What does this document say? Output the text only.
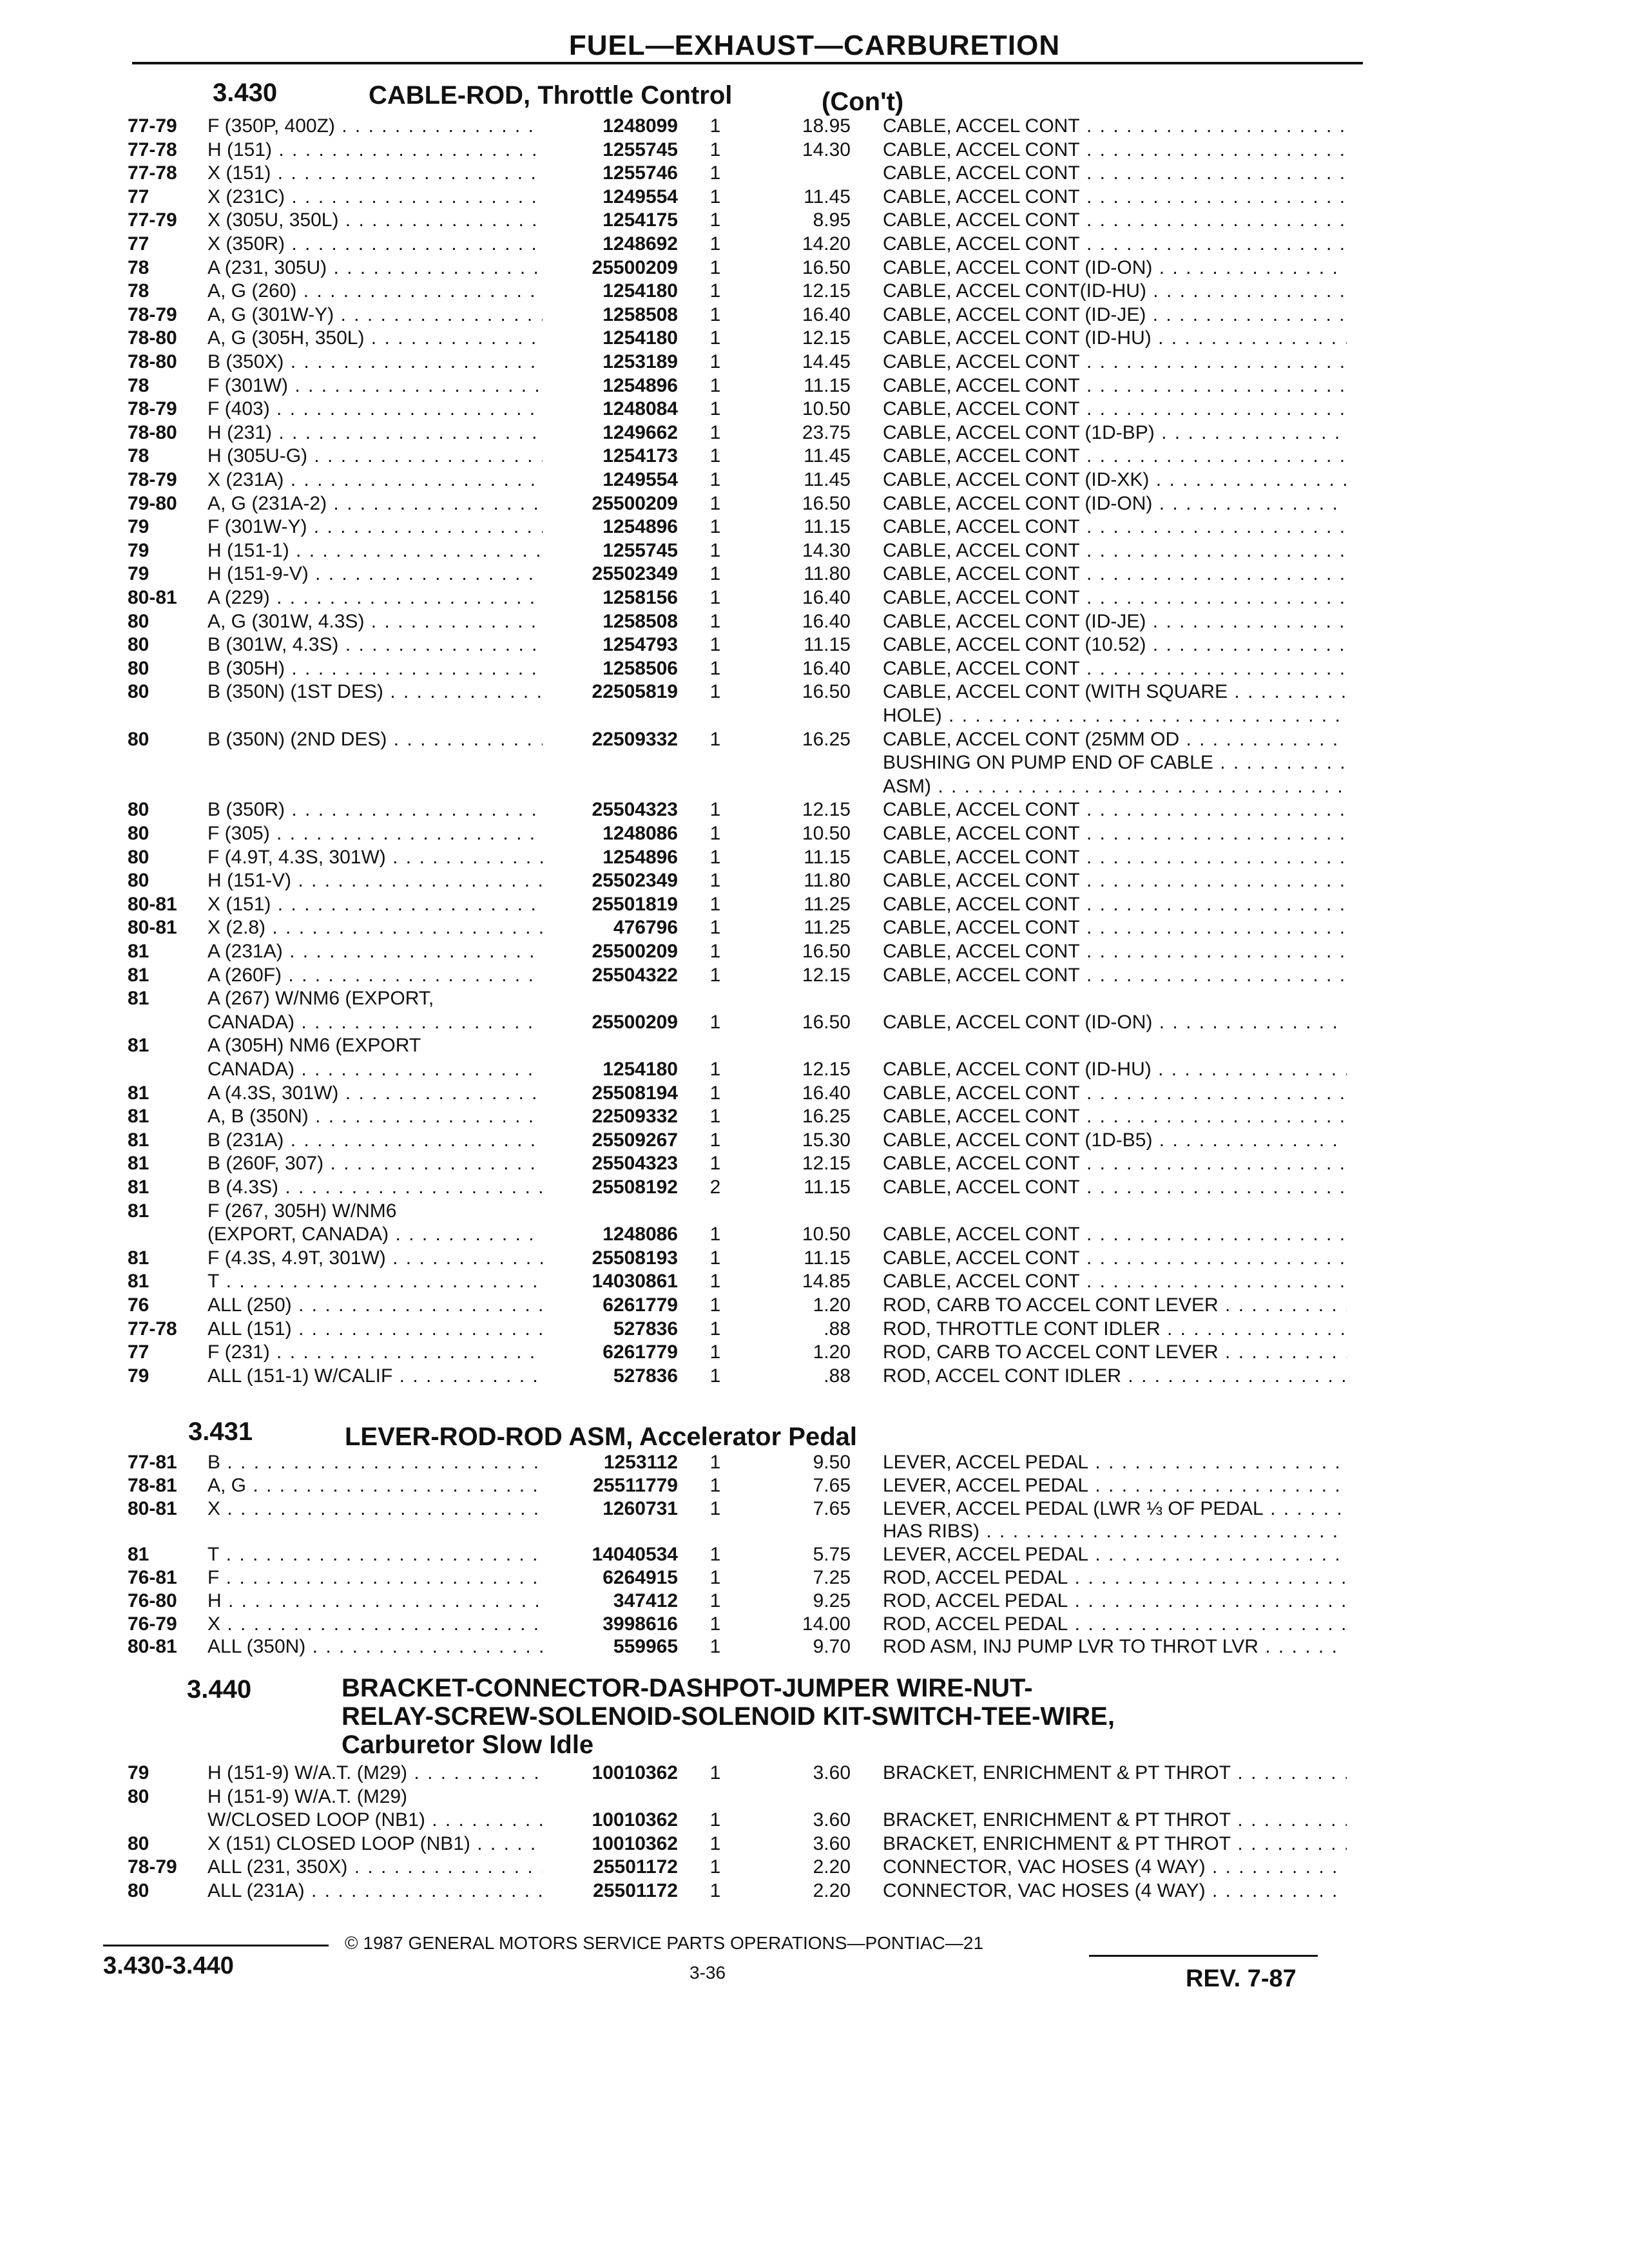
FUEL—EXHAUST—CARBURETION
3.430	CABLE-ROD, Throttle Control	(Con't)
77-79	F (350P, 400Z) . . .	1248099	1	18.95 CABLE, ACCEL CONT . . .
77-78	H (151) . . .	1255745	1	14.30 CABLE, ACCEL CONT . . .
77-78	X (151) . . .	1255746	1	CABLE, ACCEL CONT . . .
77	X (231C) . . .	1249554	1	11.45 CABLE, ACCEL CONT . . .
77-79	X (305U, 350L) . . .	1254175	1	8.95 CABLE, ACCEL CONT . . .
77	X (350R) . . .	1248692	1	14.20 CABLE, ACCEL CONT . . .
78	A (231, 305U) . . .	25500209	1	16.50 CABLE, ACCEL CONT (ID-ON) . . .
78	A, G (260) . . .	1254180	1	12.15 CABLE, ACCEL CONT(ID-HU) . . .
78-79	A, G (301W-Y) . . .	1258508	1	16.40 CABLE, ACCEL CONT (ID-JE) . . .
78-80	A, G (305H, 350L) . . .	1254180	1	12.15 CABLE, ACCEL CONT (ID-HU) . . .
78-80	B (350X) . . .	1253189	1	14.45 CABLE, ACCEL CONT . . .
78	F (301W) . . .	1254896	1	11.15 CABLE, ACCEL CONT . . .
78-79	F (403) . . .	1248084	1	10.50 CABLE, ACCEL CONT . . .
78-80	H (231) . . .	1249662	1	23.75 CABLE, ACCEL CONT (1D-BP) . . .
78	H (305U-G) . . .	1254173	1	11.45 CABLE, ACCEL CONT . . .
78-79	X (231A) . . .	1249554	1	11.45 CABLE, ACCEL CONT (ID-XK) . . .
79-80	A, G (231A-2) . . .	25500209	1	16.50 CABLE, ACCEL CONT (ID-ON) . . .
79	F (301W-Y) . . .	1254896	1	11.15 CABLE, ACCEL CONT . . .
79	H (151-1) . . .	1255745	1	14.30 CABLE, ACCEL CONT . . .
79	H (151-9-V) . . .	25502349	1	11.80 CABLE, ACCEL CONT . . .
80-81	A (229) . . .	1258156	1	16.40 CABLE, ACCEL CONT . . .
80	A, G (301W, 4.3S) . . .	1258508	1	16.40 CABLE, ACCEL CONT (ID-JE) . . .
80	B (301W, 4.3S) . . .	1254793	1	11.15 CABLE, ACCEL CONT (10.52) . . .
80	B (305H) . . .	1258506	1	16.40 CABLE, ACCEL CONT . . .
80	B (350N) (1ST DES) . . .	22505819	1	16.50 CABLE, ACCEL CONT (WITH SQUARE . . .
HOLE) . . .
80	B (350N) (2ND DES) . . .	22509332	1	16.25 CABLE, ACCEL CONT (25MM OD . . .
BUSHING ON PUMP END OF CABLE . . .
ASM) . . .
80	B (350R) . . .	25504323	1	12.15 CABLE, ACCEL CONT . . .
80	F (305) . . .	1248086	1	10.50 CABLE, ACCEL CONT . . .
80	F (4.9T, 4.3S, 301W) . . .	1254896	1	11.15 CABLE, ACCEL CONT . . .
80	H (151-V) . . .	25502349	1	11.80 CABLE, ACCEL CONT . . .
80-81	X (151) . . .	25501819	1	11.25 CABLE, ACCEL CONT . . .
80-81	X (2.8) . . .	476796	1	11.25 CABLE, ACCEL CONT . . .
81	A (231A) . . .	25500209	1	16.50 CABLE, ACCEL CONT . . .
81	A (260F) . . .	25504322	1	12.15 CABLE, ACCEL CONT . . .
81	A (267) W/NM6 (EXPORT,
CANADA) . . .	25500209	1	16.50 CABLE, ACCEL CONT (ID-ON) . . .
81	A (305H) NM6 (EXPORT
CANADA) . . .	1254180	1	12.15 CABLE, ACCEL CONT (ID-HU) . . .
81	A (4.3S, 301W) . . .	25508194	1	16.40 CABLE, ACCEL CONT . . .
81	A, B (350N) . . .	22509332	1	16.25 CABLE, ACCEL CONT . . .
81	B (231A) . . .	25509267	1	15.30 CABLE, ACCEL CONT (1D-B5) . . .
81	B (260F, 307) . . .	25504323	1	12.15 CABLE, ACCEL CONT . . .
81	B (4.3S) . . .	25508192	2	11.15 CABLE, ACCEL CONT . . .
81	F (267, 305H) W/NM6
(EXPORT, CANADA) . . .	1248086	1	10.50 CABLE, ACCEL CONT . . .
81	F (4.3S, 4.9T, 301W) . . .	25508193	1	11.15 CABLE, ACCEL CONT . . .
81	T . . .	14030861	1	14.85 CABLE, ACCEL CONT . . .
76	ALL (250) . . .	6261779	1	1.20 ROD, CARB TO ACCEL CONT LEVER . . .
77-78	ALL (151) . . .	527836	1	.88 ROD, THROTTLE CONT IDLER . . .
77	F (231) . . .	6261779	1	1.20 ROD, CARB TO ACCEL CONT LEVER . . .
79	ALL (151-1) W/CALIF . . .	527836	1	.88 ROD, ACCEL CONT IDLER . . .
3.431	LEVER-ROD-ROD ASM, Accelerator Pedal
77-81	B . . .	1253112	1	9.50 LEVER, ACCEL PEDAL . . .
78-81	A, G . . .	25511779	1	7.65 LEVER, ACCEL PEDAL . . .
80-81	X . . .	1260731	1	7.65 LEVER, ACCEL PEDAL (LWR ⅓ OF PEDAL . . .
HAS RIBS) . . .
81	T . . .	14040534	1	5.75 LEVER, ACCEL PEDAL . . .
76-81	F . . .	6264915	1	7.25 ROD, ACCEL PEDAL . . .
76-80	H . . .	347412	1	9.25 ROD, ACCEL PEDAL . . .
76-79	X . . .	3998616	1	14.00 ROD, ACCEL PEDAL . . .
80-81	ALL (350N) . . .	559965	1	9.70 ROD ASM, INJ PUMP LVR TO THROT LVR . . .
3.440	BRACKET-CONNECTOR-DASHPOT-JUMPER WIRE-NUT-
RELAY-SCREW-SOLENOID-SOLENOID KIT-SWITCH-TEE-WIRE,
Carburetor Slow Idle
79	H (151-9) W/A.T. (M29) . . .	10010362	1	3.60 BRACKET, ENRICHMENT & PT THROT . . .
80	H (151-9) W/A.T. (M29)
W/CLOSED LOOP (NB1) . . .	10010362	1	3.60 BRACKET, ENRICHMENT & PT THROT . . .
80	X (151) CLOSED LOOP (NB1) . . .	10010362	1	3.60 BRACKET, ENRICHMENT & PT THROT . . .
78-79	ALL (231, 350X) . . .	25501172	1	2.20 CONNECTOR, VAC HOSES (4 WAY) . . .
80	ALL (231A) . . .	25501172	1	2.20 CONNECTOR, VAC HOSES (4 WAY) . . .
© 1987 GENERAL MOTORS SERVICE PARTS OPERATIONS—PONTIAC—21
3.430-3.440	3-36	REV. 7-87
